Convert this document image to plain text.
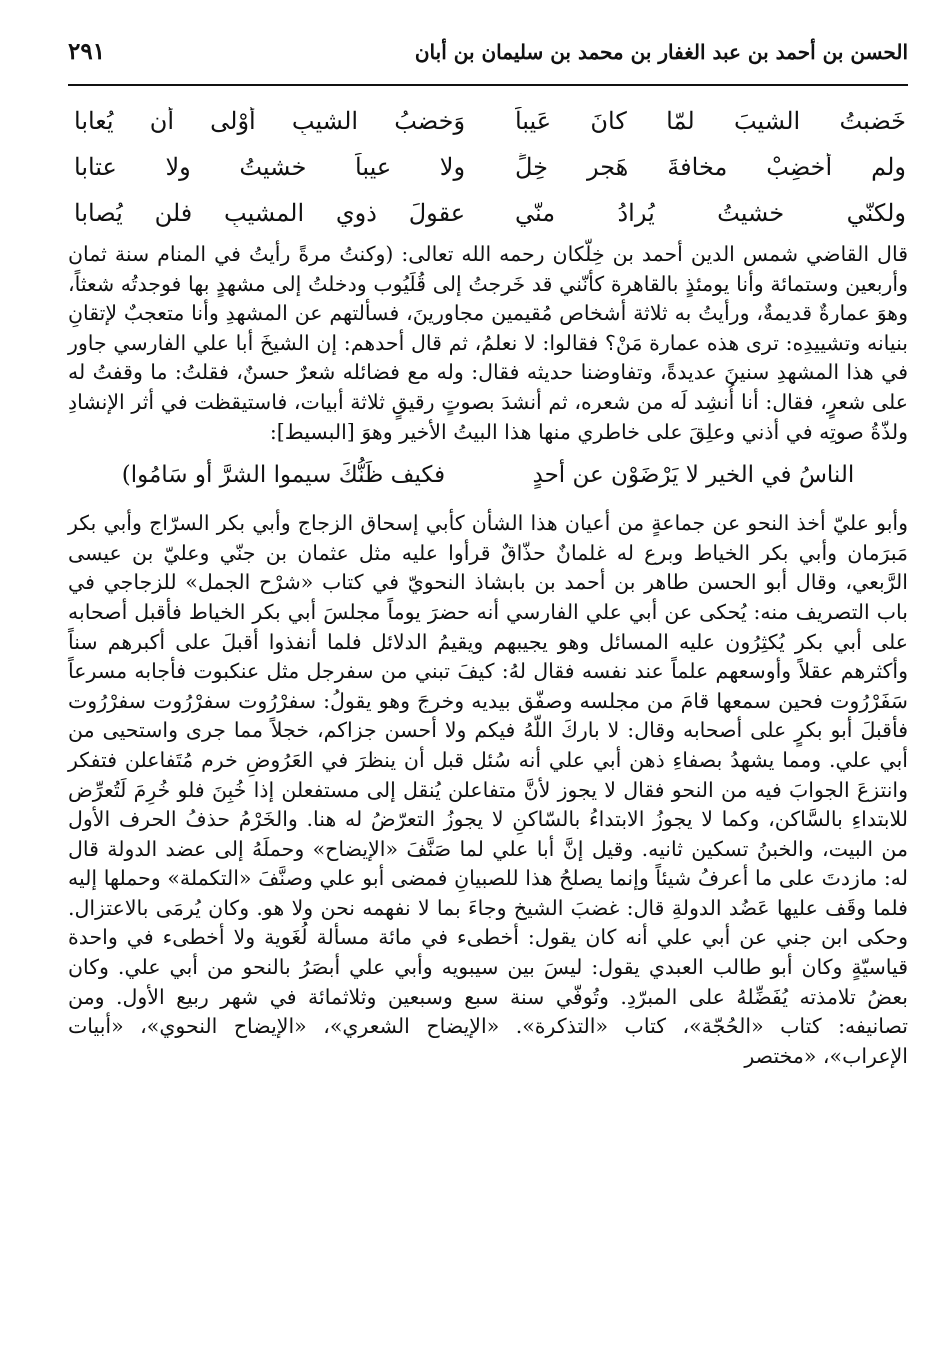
الحسن بن أحمد بن عبد الغفار بن محمد بن سليمان بن أبان
٢٩١
خَضبتُ الشيبَ لمّا كانَ عَيباً
وَخضبُ الشيبِ أوْلى أن يُعابا
ولم أخضِبْ مخافةَ هَجرِ خِلٍّ
ولا عيباً خشيتُ ولا عتابا
ولكنّي خشيتُ يُرادُ منّي
عقولَ ذوي المشيبِ فلن يُصابا

قال القاضي شمس الدين أحمد بن خِلّكان رحمه الله تعالى: (وكنتُ مرةً رأيتُ في المنام سنة ثمان وأربعين وستمائة وأنا يومئذٍ بالقاهرة كأنّني قد خَرجتُ إلى قُلَيُوب ودخلتُ إلى مشهدٍ بها فوجدتُه شعثاً، وهوَ عمارةٌ قديمةٌ، ورأيتُ به ثلاثة أشخاص مُقيمين مجاورينَ، فسألتهم عن المشهدِ وأنا متعجبٌ لإتقانِ بنيانه وتشييدِه: ترى هذه عمارة مَنْ؟ فقالوا: لا نعلمُ، ثم قال أحدهم: إن الشيخَ أبا علي الفارسي جاور في هذا المشهدِ سنينَ عديدةً، وتفاوضنا حديثه فقال: وله مع فضائله شعرٌ حسنٌ، فقلتُ: ما وقفتُ له على شعرٍ، فقال: أنا أُنشِد لَه من شعره، ثم أنشدَ بصوتٍ رقيقٍ ثلاثة أبيات، فاستيقظت في أثر الإنشادِ ولذّةُ صوتِه في أذني وعلِقَ على خاطري منها هذا البيتُ الأخير وهوَ [البسيط]:

الناسُ في الخير لا يَرْضَوْن عن أحدٍ
فكيف ظَنُّكَ سيموا الشرَّ أو سَامُوا)

وأبو عليّ أخذ النحو عن جماعةٍ من أعيان هذا الشأن كأبي إسحاق الزجاج وأبي بكر السرّاج وأبي بكر مَبرَمان وأبي بكر الخياط وبرع له غلمانٌ حذّاقٌ قرأوا عليه مثل عثمان بن جنّي وعليّ بن عيسى الرَّبعي، وقال أبو الحسن طاهر بن أحمد بن بابشاذ النحويّ في كتاب «شرْح الجمل» للزجاجي في باب التصريف منه: يُحكى عن أبي علي الفارسي أنه حضرَ يوماً مجلسَ أبي بكر الخياط فأقبل أصحابه على أبي بكر يُكثِرُون عليه المسائل وهو يجيبهم ويقيمُ الدلائل فلما أنفذوا أقبلَ على أكبرهم سناً وأكثرهم عقلاً وأوسعهم علماً عند نفسه فقال لهُ: كيفَ تبني من سفرجل مثل عنكبوت فأجابه مسرعاً سَفَرْرُوت فحين سمعها قامَ من مجلسه وصفّق بيديه وخرجَ وهو يقولُ: سفرْرُوت سفرْرُوت سفرْرُوت فأقبلَ أبو بكرٍ على أصحابه وقال: لا باركَ اللّهُ فيكم ولا أحسن جزاكم، خجلاً مما جرى واستحيى من أبي علي. ومما يشهدُ بصفاءِ ذهن أبي علي أنه سُئل قبل أن ينظرَ في العَرُوضِ خرم مُتَفاعلن فتفكر وانتزعَ الجوابَ فيه من النحو فقال لا يجوز لأنَّ متفاعلن يُنقل إلى مستفعلن إذا خُبِنَ فلو خُرِمَ لَتُعرِّض للابتداءِ بالسَّاكن، وكما لا يجوزُ الابتداءُ بالسّاكنِ لا يجوزُ التعرّضُ له هنا. والخَرْمُ حذفُ الحرف الأول من البيت، والخبنُ تسكين ثانيه. وقيل إنَّ أبا علي لما صَنَّفَ «الإيضاح» وحملَهُ إلى عضد الدولة قال له: مازدتَ على ما أعرفُ شيئاً وإنما يصلحُ هذا للصبيانِ فمضى أبو علي وصنَّفَ «التكملة» وحملها إليه فلما وقَف عليها عَضُد الدولةِ قال: غضبَ الشيخ وجاءَ بما لا نفهمه نحن ولا هو. وكان يُرمَى بالاعتزال. وحكى ابن جني عن أبي علي أنه كان يقول: أخطىء في مائة مسألة لُغَوية ولا أخطىء في واحدة قياسيّةٍ وكان أبو طالب العبدي يقول: ليسَ بين سيبويه وأبي علي أبصَرُ بالنحو من أبي علي. وكان بعضُ تلامذته يُفَضِّلهُ على المبرّدِ. وتُوفّي سنة سبع وسبعين وثلاثمائة في شهر ربيع الأول. ومن تصانيفه: كتاب «الحُجّة»، كتاب «التذكرة». «الإيضاح الشعري»، «الإيضاح النحوي»، «أبيات الإعراب»، «مختصر
